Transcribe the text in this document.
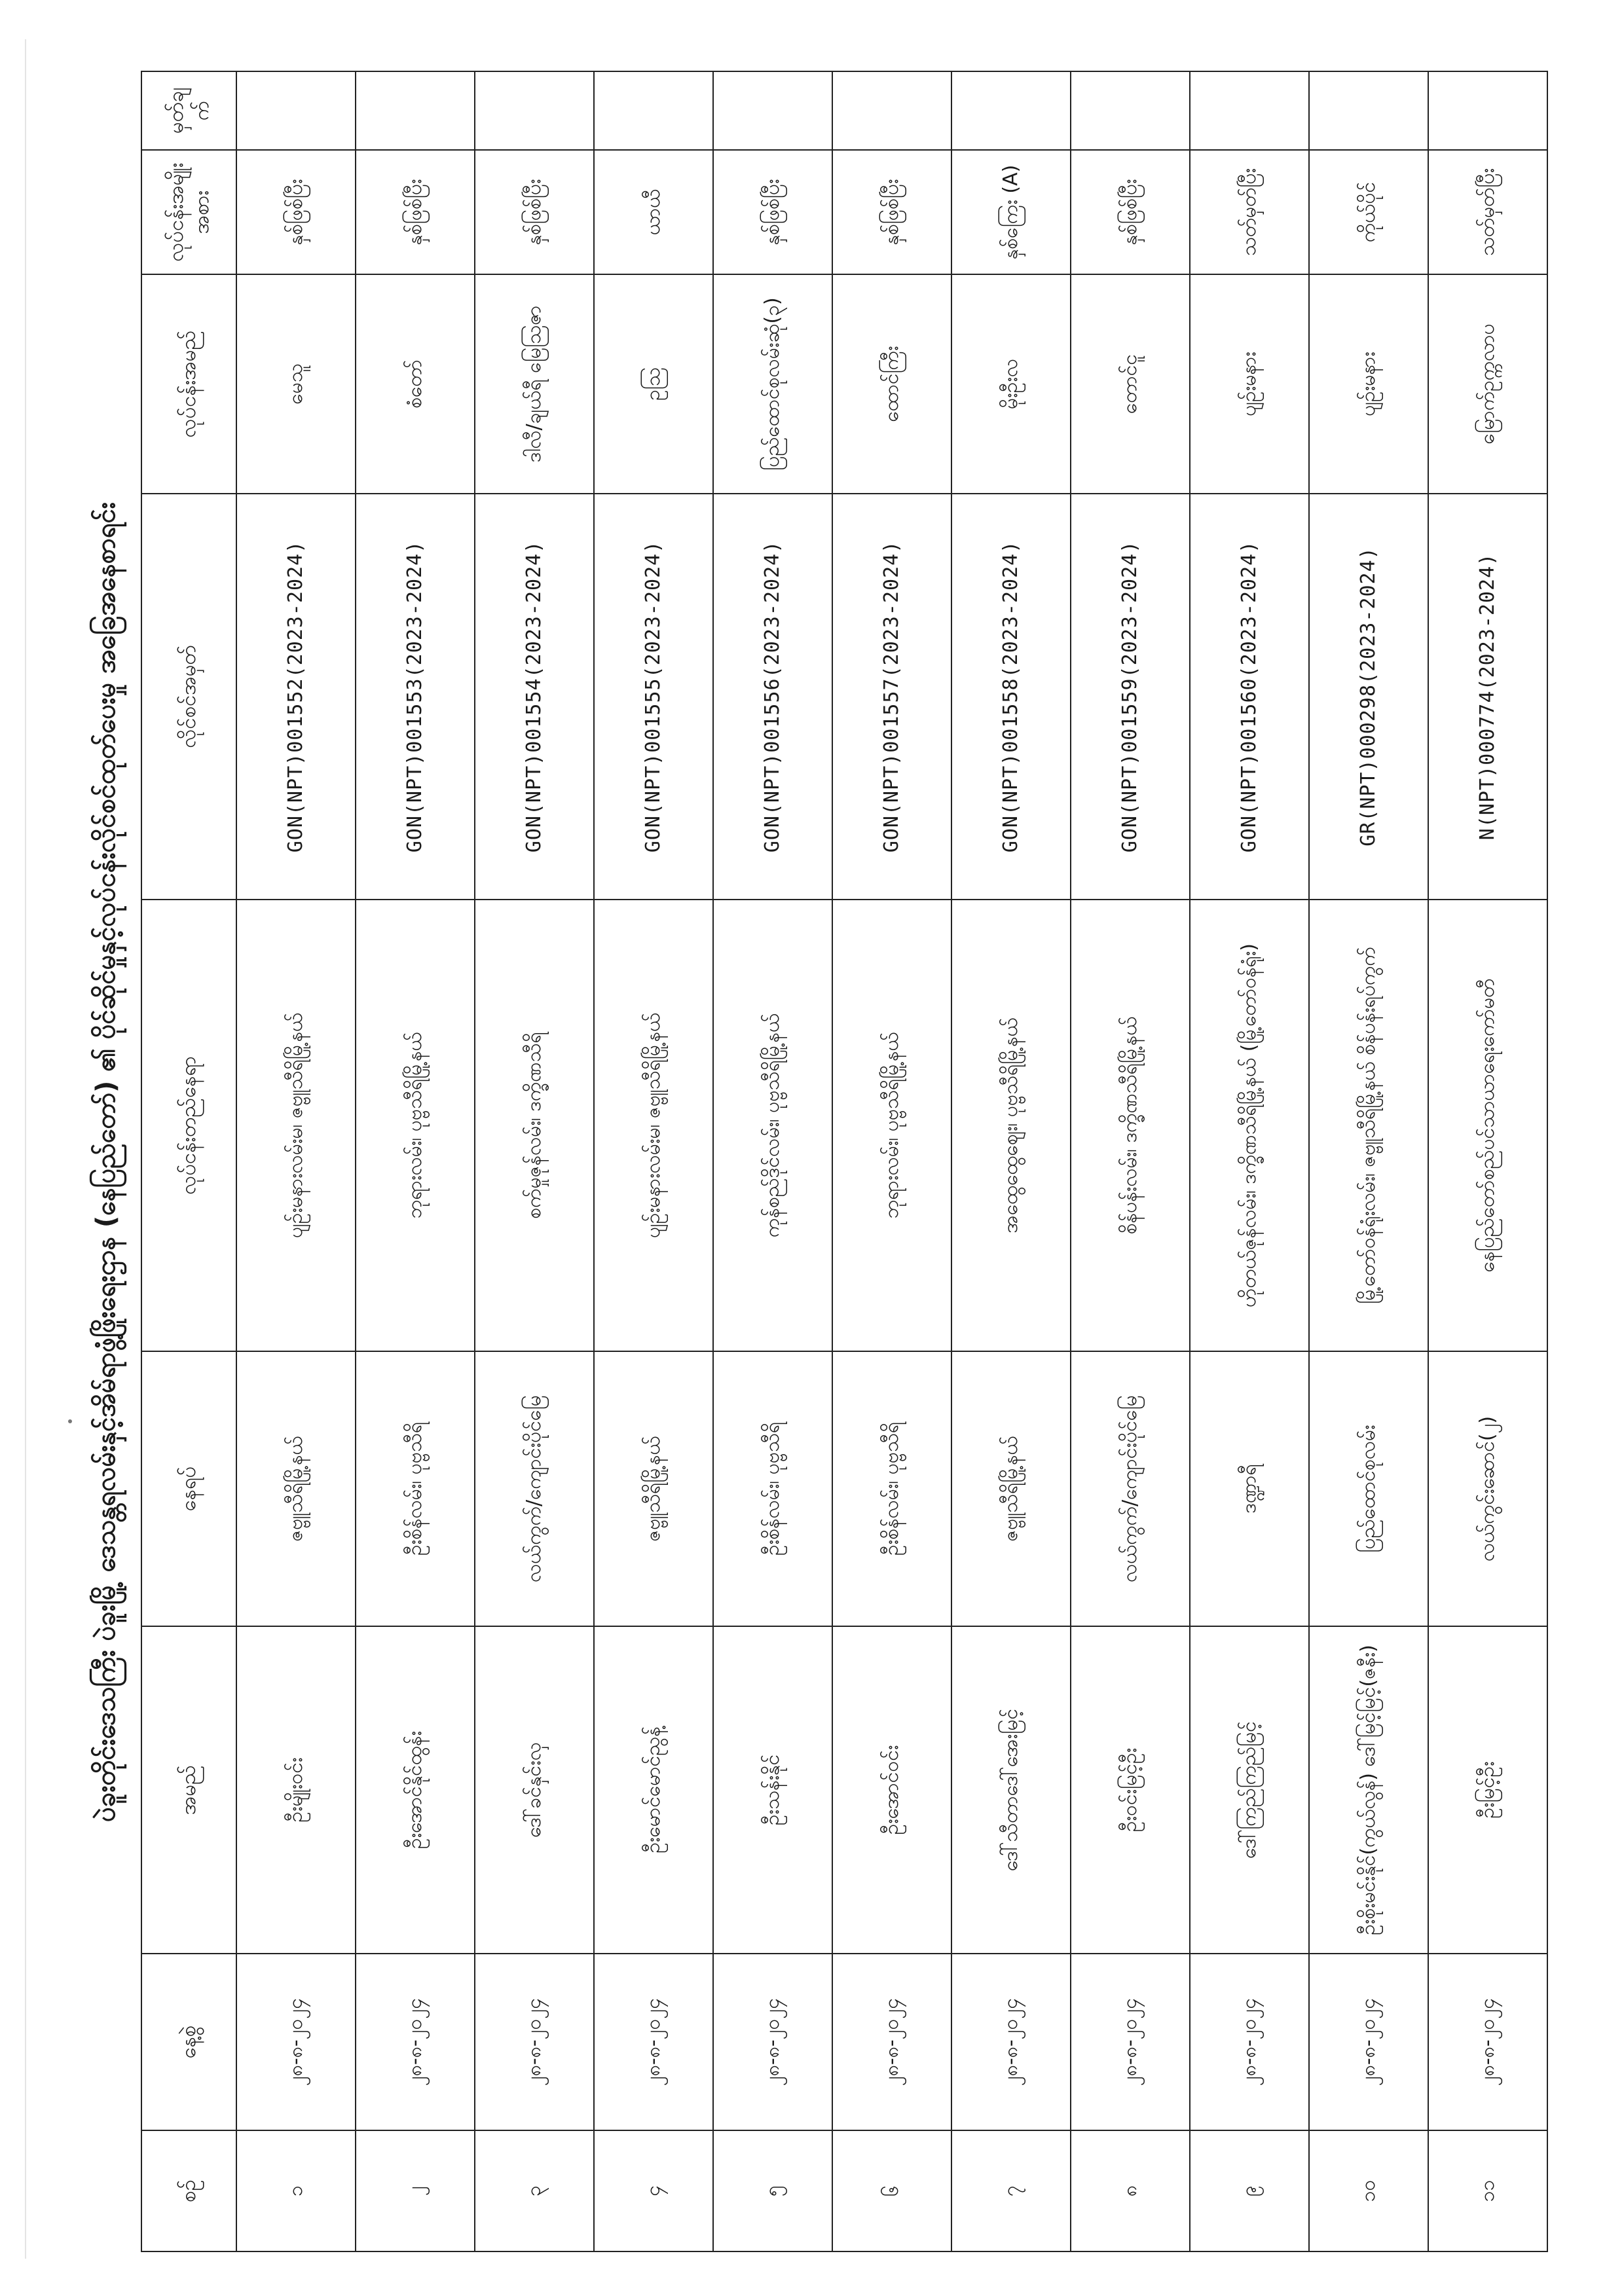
ပဲခူးတိုင်းဒေသကြီး ပဲခူးမြို့ ဒေသန္တရလမ်းနှင့်အိမ်ရာဖွံ့ဖြိုးရေးဌာန (နေပြည်တော်) ၏ ပိုင်ဆိုင်မှုနှင့်လုပ်ငန်းလိုင်စင်ထုတ်ပေးမှု အခြေအနေစာရင်း
စဉ်	နေ့စွဲ	အမည်	နေရပ်	လုပ်ငန်းတည်နေရာ	လိုင်စင်အမှတ်	လုပ်ငန်းအမည်	လုပ်ငန်းအမျိုးအစား	မှတ်ချက်
၁	၂၈-၈-၂၀၂၄	ဦးမျိုးဝင်း	ဇဗ္ဗူသီရိမြို့နယ်	ပျဉ်းမနားလမ်းမ၊ ဇဗ္ဗူသီရိမြို့နယ်	GON(NPT)001552(2023-2024)	မေသူ	နှစ်ဖြစ်ပြီး	
၂	၂၈-၈-၂၀၂၄	ဦးအောင်နိုင်ထွန်း	ဦးစိန်လမ်း၊ ပုဗ္ဗသီရိ	ဘုရားလမ်း၊ ပုဗ္ဗသီရိမြို့နယ်	GON(NPT)001553(2023-2024)	စံတော်	နှစ်ဖြစ်ပြီး	
၃	၂၈-၈-၂၀၂၄	ဒေါ်ခင်နှင်းလှ	လယ်ကွက်/ကျောင်းပိုင်မြေ	စက်မှုဇုန်လမ်း၊ ဒက္ခိဏသီရိ	GON(NPT)001554(2023-2024)	ဒါလီ/ချယ်ရီ မြေဩဇာ	နှစ်ဖြစ်ပြီး	
၄	၂၈-၈-၂၀၂၄	ဦးမောင်မောင်ညွန့်	ဇဗ္ဗူသီရိမြို့နယ်	ပျဉ်းမနားလမ်းမ၊ ဇဗ္ဗူသီရိမြို့နယ်	GON(NPT)001555(2023-2024)	ဥသြ	ယာယီ	
၅	၂၈-၈-၂၀၂၄	ဦးသန်းနိုင်	ဦးစိန်လမ်း၊ ပုဗ္ဗသီရိ	ကုန်စည်ဒိုင်လမ်း၊ ပုဗ္ဗသီရိမြို့နယ်	GON(NPT)001556(2023-2024)	ပြည်ထောင်စုလမ်းဆုံ(၃)	နှစ်ဖြစ်ပြီး	
၆	၂၈-၈-၂၀၂၄	ဦးအောင်ဝင်း	ဦးစိန်လမ်း၊ ပုဗ္ဗသီရိ	ဘုရားလမ်း၊ ပုဗ္ဗသီရိမြို့နယ်	GON(NPT)001557(2023-2024)	ထောင်ကြီး	နှစ်ဖြစ်ပြီး	
၇	၂၈-၈-၂၀၂၄	ဒေါ်သီတာဒေါ်အေးမြင့်	ဇဗ္ဗူသီရိမြို့နယ်	အထွေထွေဈေး၊ ပုဗ္ဗသီရိမြို့နယ်	GON(NPT)001558(2023-2024)	မိုးဦးလ	နှစ်ကြေး (A)	
၈	၂၈-၈-၂၀၂၄	ဦးဝင်းမြင့်ဦး	လယ်ကွက်/ကျောင်းပိုင်မြေ	စိန်ပန်းလမ်း၊ ဒက္ခိဏသီရိမြို့နယ်	GON(NPT)001559(2023-2024)	တောင်ငူ	နှစ်ဖြစ်ပြီး	
၉	၂၈-၈-၂၀၂၄	ဒေါ်ကြည်ကြည်မြင့်	ဒဏ္ဍာရီ	ဟိုတယ်ဇုန်လမ်း၊ ဒက္ခိဏသီရိမြို့နယ် (မြို့တော်ဝန်ရုံး)	GON(NPT)001560(2023-2024)	ပျဉ်းမနား	သတ်မှတ်ပြီး	
၁၀	၂၈-၈-၂၀၂၄	ဦးစိုးမင်းနိုင်(ကွယ်လွန်) ဒေါ်မြင့်မြင့်(ဇနီး)	ပြည်ထောင်စုလမ်း	မြို့တော်ဝန်ရုံးလမ်း၊ ဇဗ္ဗူသီရိမြို့နယ် စိန်ပန်းရပ်ကွက်	GR(NPT)000298(2023-2024)	ပျဉ်းမနား	ကိုယ်ပိုင်	
၁၁	၂၈-၈-၂၀၂၄	ဦးမြင့်ဦး	လယ်ကွင်းဆောင်(၂)	နေပြည်တော်စည်ပင်သာယာရေးကော်မတီ	N(NPT)000774(2023-2024)	မြောက်ဥက္ကလာပ	သတ်မှတ်ပြီး	
